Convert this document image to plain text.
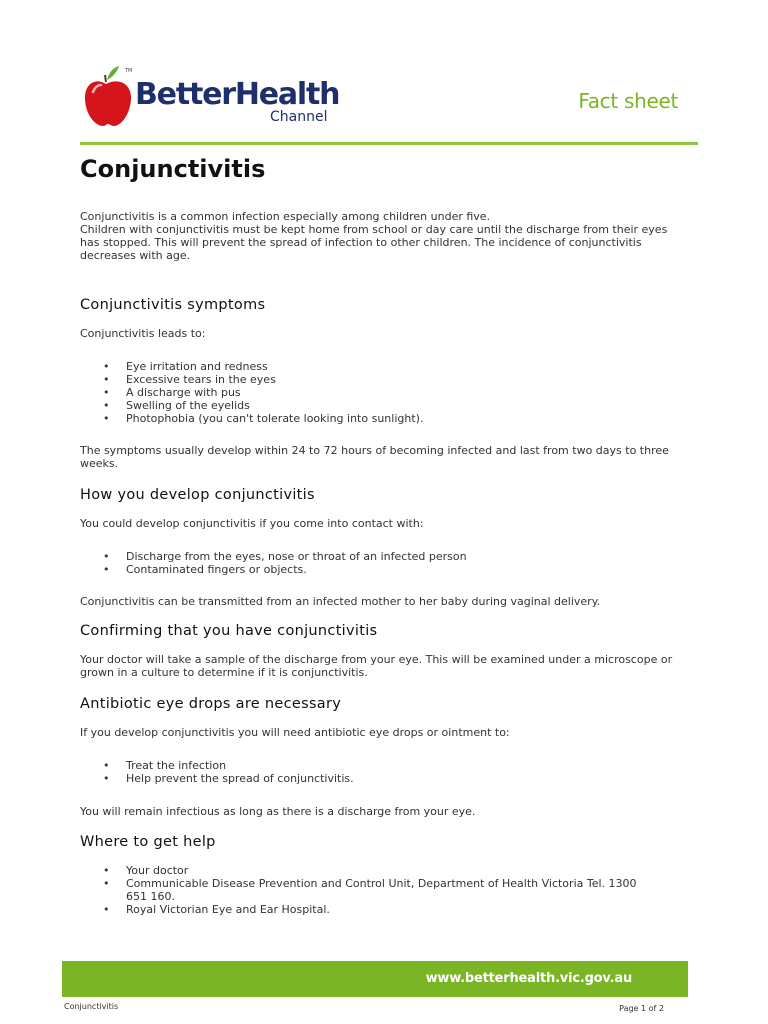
TM
BetterHealth
Channel
Fact sheet
Conjunctivitis

Conjunctivitis is a common infection especially among children under five.
Children with conjunctivitis must be kept home from school or day care until the discharge from their eyes has stopped. This will prevent the spread of infection to other children. The incidence of conjunctivitis decreases with age.

Conjunctivitis symptoms

Conjunctivitis leads to:

• Eye irritation and redness
• Excessive tears in the eyes
• A discharge with pus
• Swelling of the eyelids
• Photophobia (you can't tolerate looking into sunlight).

The symptoms usually develop within 24 to 72 hours of becoming infected and last from two days to three weeks.

How you develop conjunctivitis

You could develop conjunctivitis if you come into contact with:

• Discharge from the eyes, nose or throat of an infected person
• Contaminated fingers or objects.

Conjunctivitis can be transmitted from an infected mother to her baby during vaginal delivery.

Confirming that you have conjunctivitis

Your doctor will take a sample of the discharge from your eye. This will be examined under a microscope or grown in a culture to determine if it is conjunctivitis.

Antibiotic eye drops are necessary

If you develop conjunctivitis you will need antibiotic eye drops or ointment to:

• Treat the infection
• Help prevent the spread of conjunctivitis.

You will remain infectious as long as there is a discharge from your eye.

Where to get help
• Your doctor
• Communicable Disease Prevention and Control Unit, Department of Health Victoria Tel. 1300 651 160.
• Royal Victorian Eye and Ear Hospital.
www.betterhealth.vic.gov.au
Conjunctivitis	Page 1 of 2
